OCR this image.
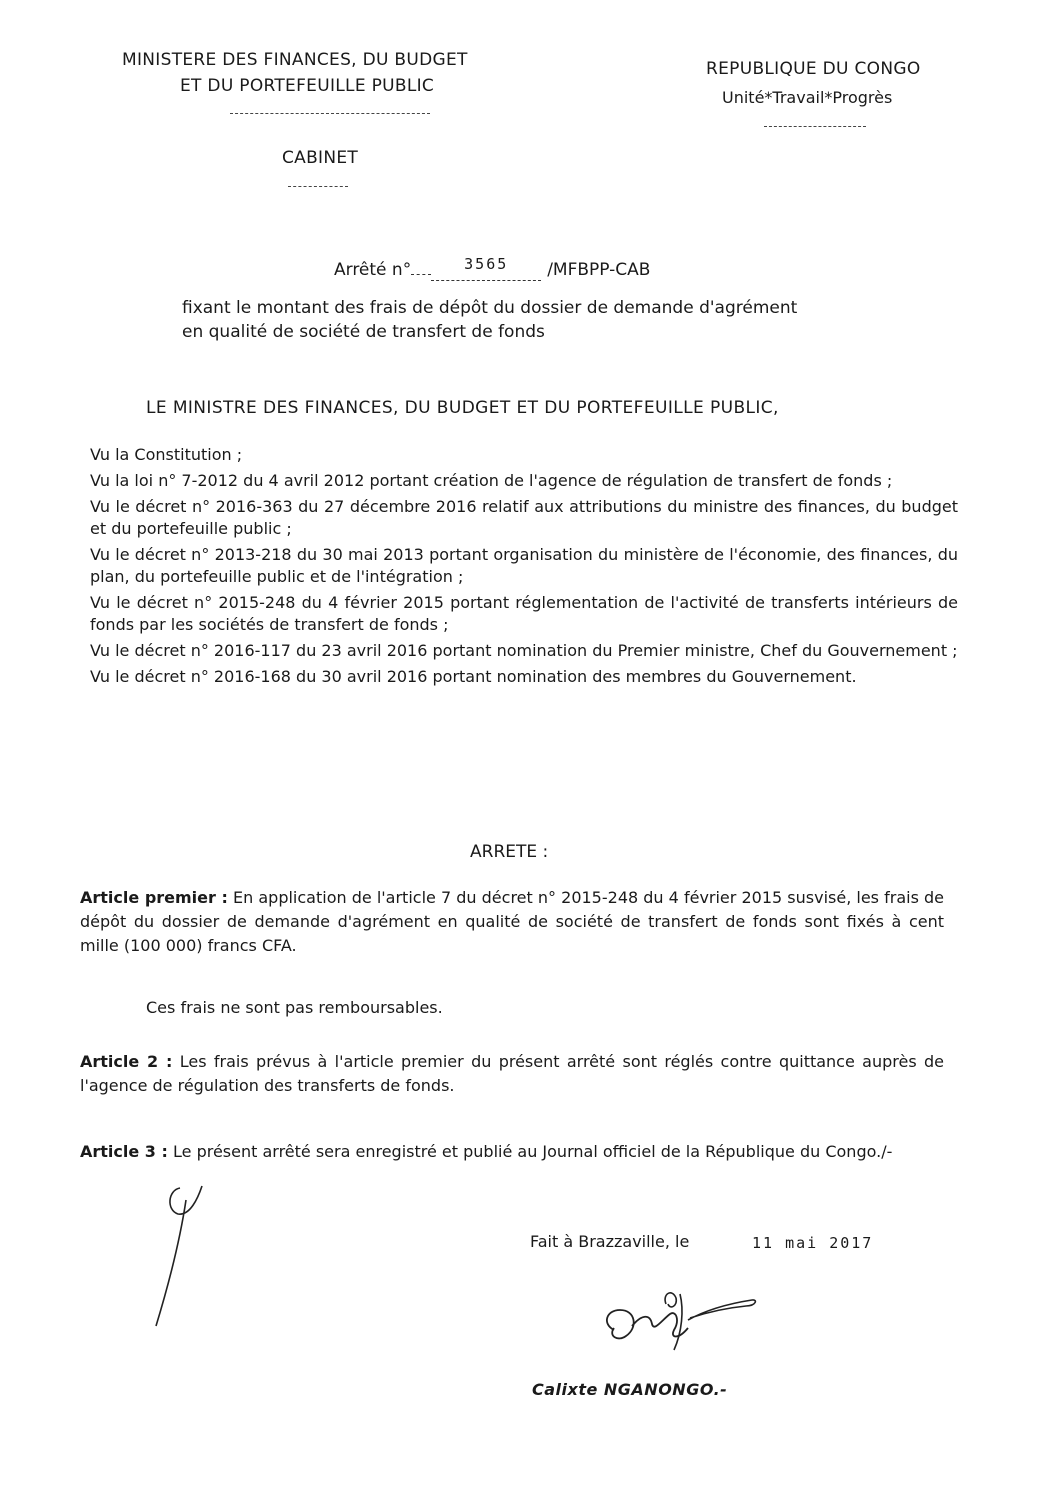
MINISTERE DES FINANCES, DU BUDGET
ET DU PORTEFEUILLE PUBLIC
CABINET
REPUBLIQUE DU CONGO
Unité*Travail*Progrès
Arrêté n°	3565 /MFBPP-CAB
fixant le montant des frais de dépôt du dossier de demande d'agrément
en qualité de société de transfert de fonds
LE MINISTRE DES FINANCES, DU BUDGET ET DU PORTEFEUILLE PUBLIC,

Vu la Constitution ;

Vu la loi n° 7-2012 du 4 avril 2012 portant création de l'agence de régulation de transfert de fonds ;

Vu le décret n° 2016-363 du 27 décembre 2016 relatif aux attributions du ministre des finances, du budget et du portefeuille public ;

Vu le décret n° 2013-218 du 30 mai 2013 portant organisation du ministère de l'économie, des finances, du plan, du portefeuille public et de l'intégration ;

Vu le décret n° 2015-248 du 4 février 2015 portant réglementation de l'activité de transferts intérieurs de fonds par les sociétés de transfert de fonds ;

Vu le décret n° 2016-117 du 23 avril 2016 portant nomination du Premier ministre, Chef du Gouvernement ;

Vu le décret n° 2016-168 du 30 avril 2016 portant nomination des membres du Gouvernement.

ARRETE :

Article premier : En application de l'article 7 du décret n° 2015-248 du 4 février 2015 susvisé, les frais de dépôt du dossier de demande d'agrément en qualité de société de transfert de fonds sont fixés à cent mille (100 000) francs CFA.

Ces frais ne sont pas remboursables.

Article 2 : Les frais prévus à l'article premier du présent arrêté sont réglés contre quittance auprès de l'agence de régulation des transferts de fonds.

Article 3 : Le présent arrêté sera enregistré et publié au Journal officiel de la République du Congo./-

Fait à Brazzaville, le	11 mai 2017
Calixte NGANONGO.-
